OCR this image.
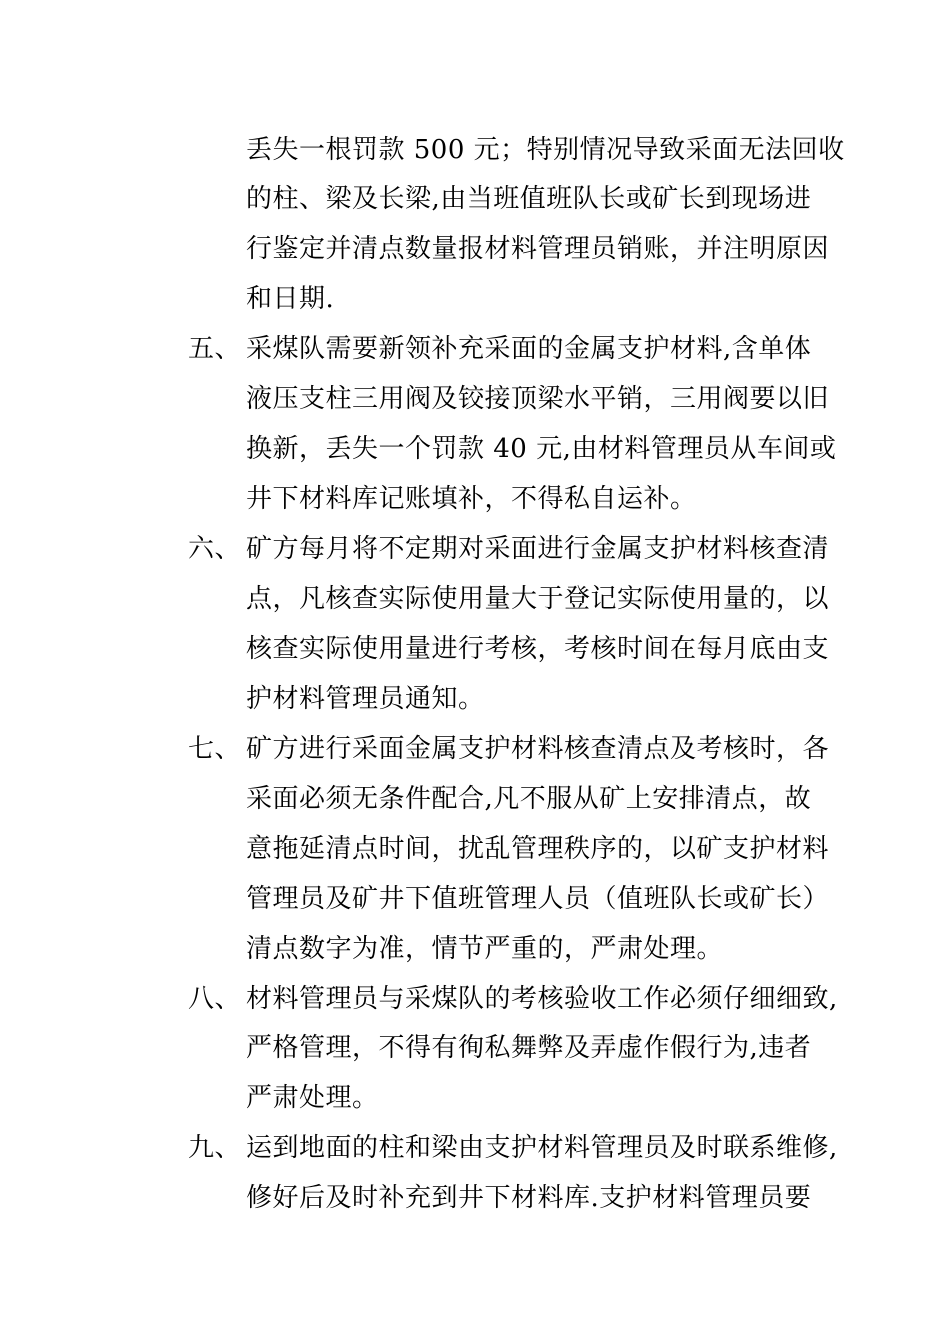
丢失一根罚款 500 元；特别情况导致采面无法回收
的柱、梁及长梁,由当班值班队长或矿长到现场进
行鉴定并清点数量报材料管理员销账，并注明原因
和日期.
五、 采煤队需要新领补充采面的金属支护材料,含单体
液压支柱三用阀及铰接顶梁水平销，三用阀要以旧
换新，丢失一个罚款 40 元,由材料管理员从车间或
井下材料库记账填补，不得私自运补。
六、 矿方每月将不定期对采面进行金属支护材料核查清
点，凡核查实际使用量大于登记实际使用量的，以
核查实际使用量进行考核，考核时间在每月底由支
护材料管理员通知。
七、 矿方进行采面金属支护材料核查清点及考核时，各
采面必须无条件配合,凡不服从矿上安排清点，故
意拖延清点时间，扰乱管理秩序的，以矿支护材料
管理员及矿井下值班管理人员（值班队长或矿长）
清点数字为准，情节严重的，严肃处理。
八、 材料管理员与采煤队的考核验收工作必须仔细细致,
严格管理，不得有徇私舞弊及弄虚作假行为,违者
严肃处理。
九、 运到地面的柱和梁由支护材料管理员及时联系维修,
修好后及时补充到井下材料库.支护材料管理员要
